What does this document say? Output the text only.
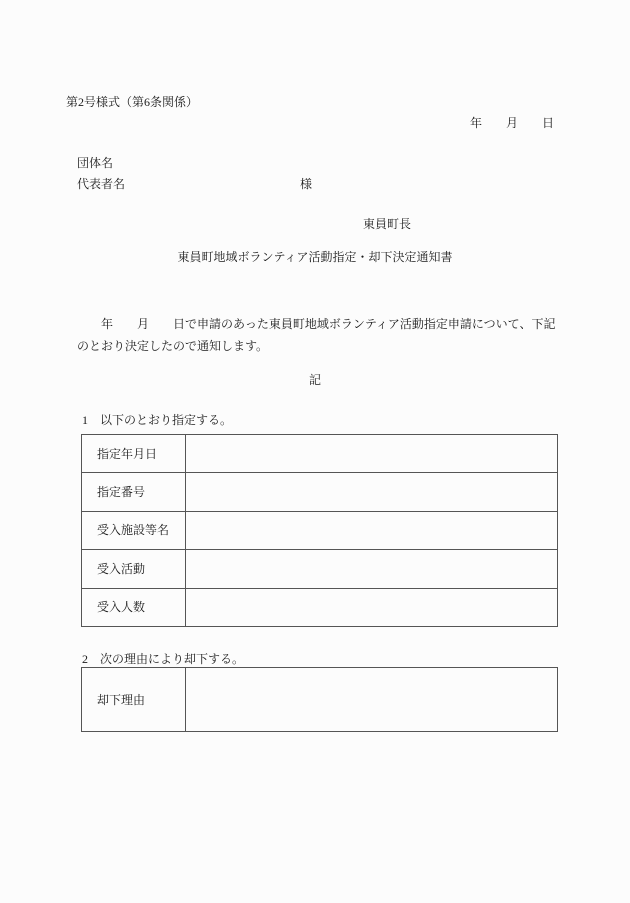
第2号様式（第6条関係）
年　　月　　日
団体名
代表者名	様
東員町長
東員町地域ボランティア活動指定・却下決定通知書
　　年　　月　　日で申請のあった東員町地域ボランティア活動指定申請について、下記
のとおり決定したので通知します。
記
1　以下のとおり指定する。
指定年月日	
指定番号	
受入施設等名	
受入活動	
受入人数	
2　次の理由により却下する。
却下理由	
